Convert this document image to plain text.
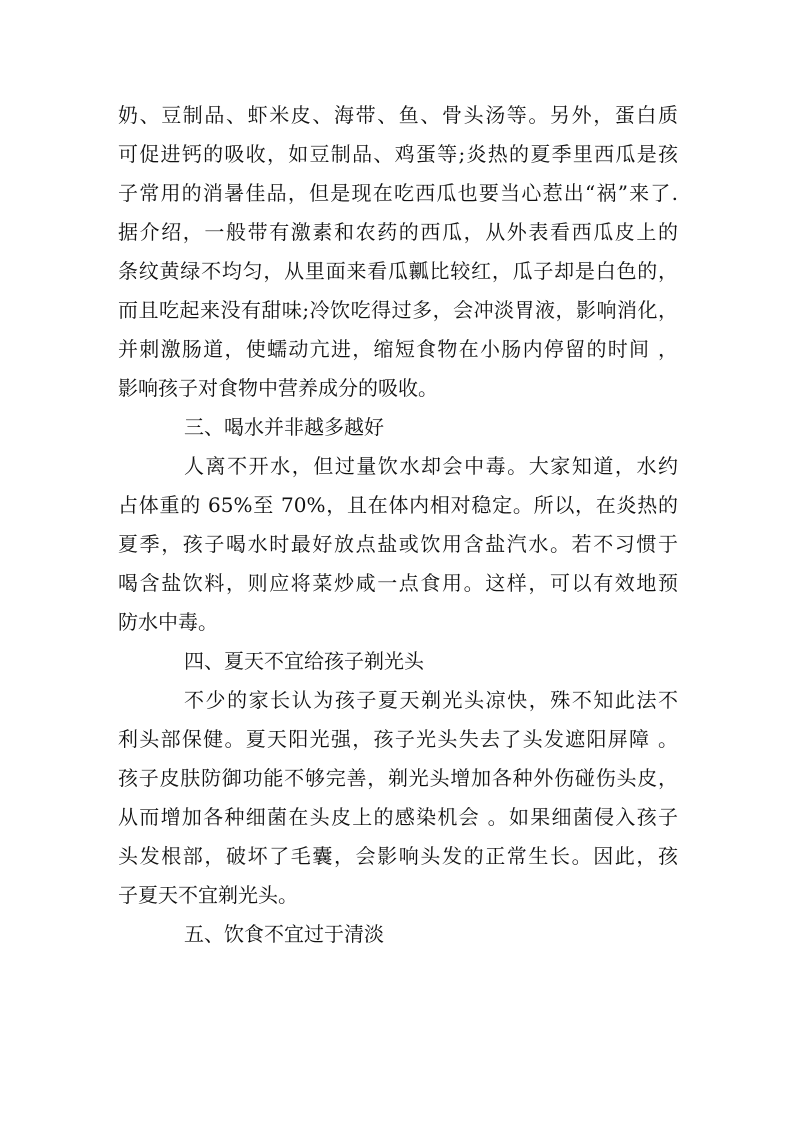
奶、豆制品、虾米皮、海带、鱼、骨头汤等。另外，蛋白质
可促进钙的吸收，如豆制品、鸡蛋等;炎热的夏季里西瓜是孩
子常用的消暑佳品，但是现在吃西瓜也要当心惹出“祸”来了.
据介绍，一般带有激素和农药的西瓜，从外表看西瓜皮上的
条纹黄绿不均匀，从里面来看瓜瓤比较红，瓜子却是白色的，
而且吃起来没有甜味;冷饮吃得过多，会冲淡胃液，影响消化，
并刺激肠道，使蠕动亢进，缩短食物在小肠内停留的时间 ，
影响孩子对食物中营养成分的吸收。
三、喝水并非越多越好
人离不开水，但过量饮水却会中毒。大家知道，水约
占体重的 65%至 70%，且在体内相对稳定。所以，在炎热的
夏季，孩子喝水时最好放点盐或饮用含盐汽水。若不习惯于
喝含盐饮料，则应将菜炒咸一点食用。这样，可以有效地预
防水中毒。
四、夏天不宜给孩子剃光头
不少的家长认为孩子夏天剃光头凉快，殊不知此法不
利头部保健。夏天阳光强，孩子光头失去了头发遮阳屏障 。
孩子皮肤防御功能不够完善，剃光头增加各种外伤碰伤头皮，
从而增加各种细菌在头皮上的感染机会 。如果细菌侵入孩子
头发根部，破坏了毛囊，会影响头发的正常生长。因此，孩
子夏天不宜剃光头。
五、饮食不宜过于清淡
